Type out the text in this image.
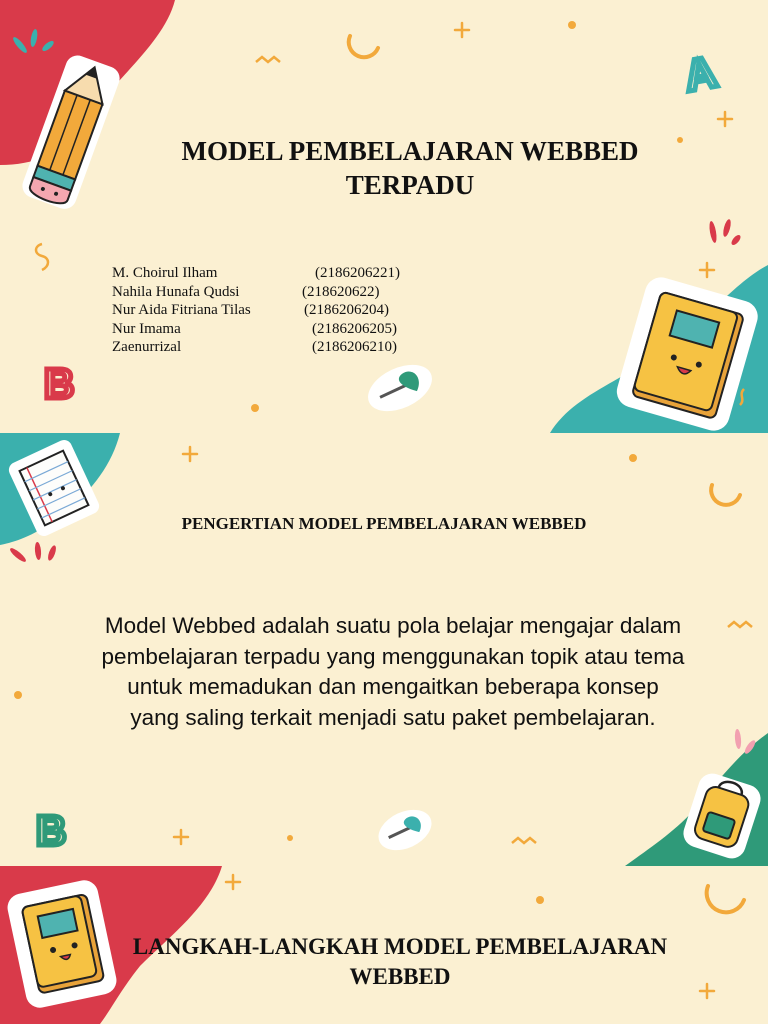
A
B
MODEL PEMBELAJARAN WEBBED TERPADU
M. Choirul Ilham	(2186206221)
Nahila Hunafa Qudsi	(218620622)
Nur Aida Fitriana Tilas	(2186206204)
Nur Imama	(2186206205)
Zaenurrizal	(2186206210)
B
PENGERTIAN MODEL PEMBELAJARAN WEBBED
Model Webbed adalah suatu pola belajar mengajar dalam pembelajaran terpadu yang menggunakan topik atau tema untuk memadukan dan mengaitkan beberapa konsep yang saling terkait menjadi satu paket pembelajaran.
LANGKAH-LANGKAH MODEL PEMBELAJARAN WEBBED
